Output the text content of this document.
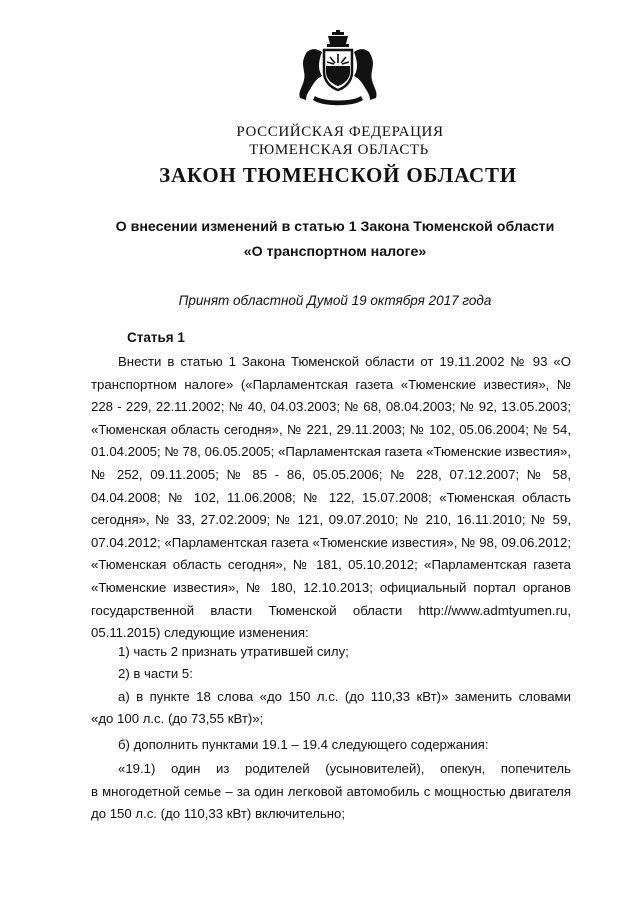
РОССИЙСКАЯ ФЕДЕРАЦИЯ
ТЮМЕНСКАЯ ОБЛАСТЬ
ЗАКОН ТЮМЕНСКОЙ ОБЛАСТИ
О внесении изменений в статью 1 Закона Тюменской области
«О транспортном налоге»
Принят областной Думой 19 октября 2017 года
Статья 1

Внести в статью 1 Закона Тюменской области от 19.11.2002 № 93 «О транспортном налоге» («Парламентская газета «Тюменские известия», № 228 - 229, 22.11.2002; № 40, 04.03.2003; № 68, 08.04.2003; № 92, 13.05.2003; «Тюменская область сегодня», № 221, 29.11.2003; № 102, 05.06.2004; № 54, 01.04.2005; № 78, 06.05.2005; «Парламентская газета «Тюменские известия», № 252, 09.11.2005; № 85 - 86, 05.05.2006; № 228, 07.12.2007; № 58, 04.04.2008; № 102, 11.06.2008; № 122, 15.07.2008; «Тюменская область сегодня», № 33, 27.02.2009; № 121, 09.07.2010; № 210, 16.11.2010; № 59, 07.04.2012; «Парламентская газета «Тюменские известия», № 98, 09.06.2012; «Тюменская область сегодня», № 181, 05.10.2012; «Парламентская газета «Тюменские известия», № 180, 12.10.2013; официальный портал органов государственной власти Тюменской области http://www.admtyumen.ru, 05.11.2015) следующие изменения:

1) часть 2 признать утратившей силу;
2) в части 5:
а) в пункте 18 слова «до 150 л.с. (до 110,33 кВт)» заменить словами
«до 100 л.с. (до 73,55 кВт)»;
б) дополнить пунктами 19.1 – 19.4 следующего содержания:
«19.1) один из родителей (усыновителей), опекун, попечитель
в многодетной семье – за один легковой автомобиль с мощностью двигателя
до 150 л.с. (до 110,33 кВт) включительно;
